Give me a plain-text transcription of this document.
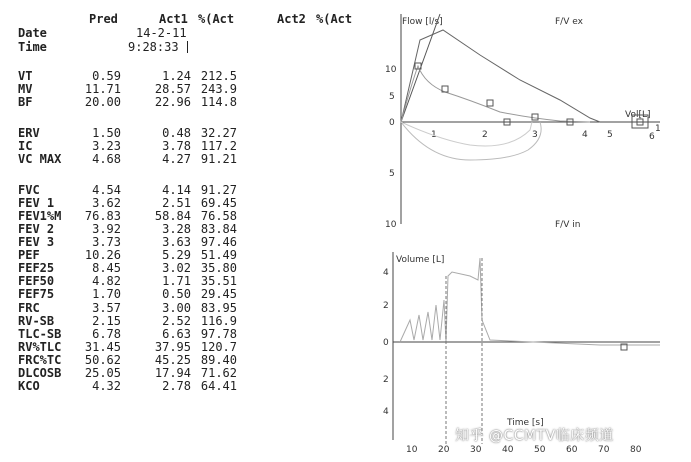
Pred	Act1 %(Act	Act2 %(Act
Date	14-2-11
Time	9:28:33
VT	0.59	1.24 212.5
MV	11.71	28.57 243.9
BF	20.00	22.96 114.8
ERV	1.50	0.48 32.27
IC	3.23	3.78 117.2
VC MAX	4.68	4.27 91.21
FVC	4.54	4.14 91.27
FEV 1	3.62	2.51 69.45
FEV1%M 76.83	58.84 76.58
FEV 2	3.92	3.28 83.84
FEV 3	3.73	3.63 97.46
PEF	10.26	5.29 51.49
FEF25	8.45	3.02 35.80
FEF50	4.82	1.71 35.51
FEF75	1.70	0.50 29.45
FRC	3.57	3.00 83.95
RV-SB	2.15	2.52 116.9
TLC-SB	6.78	6.63 97.78
RV%TLC 31.45	37.95 120.7
FRC%TC 50.62	45.25 89.40
DLCOSB 25.05	17.94 71.62
KCO	4.32	2.78 64.41
Flow [l/s]	F/V ex
F/V in
Vol[L]
10
5
0
5
10
1	2	3	4 5	6
1
Volume [L]
Time [s]
4
2
0
2
4
10 20 30 40 50 60 70 80
知乎 @CCMTV临床频道
